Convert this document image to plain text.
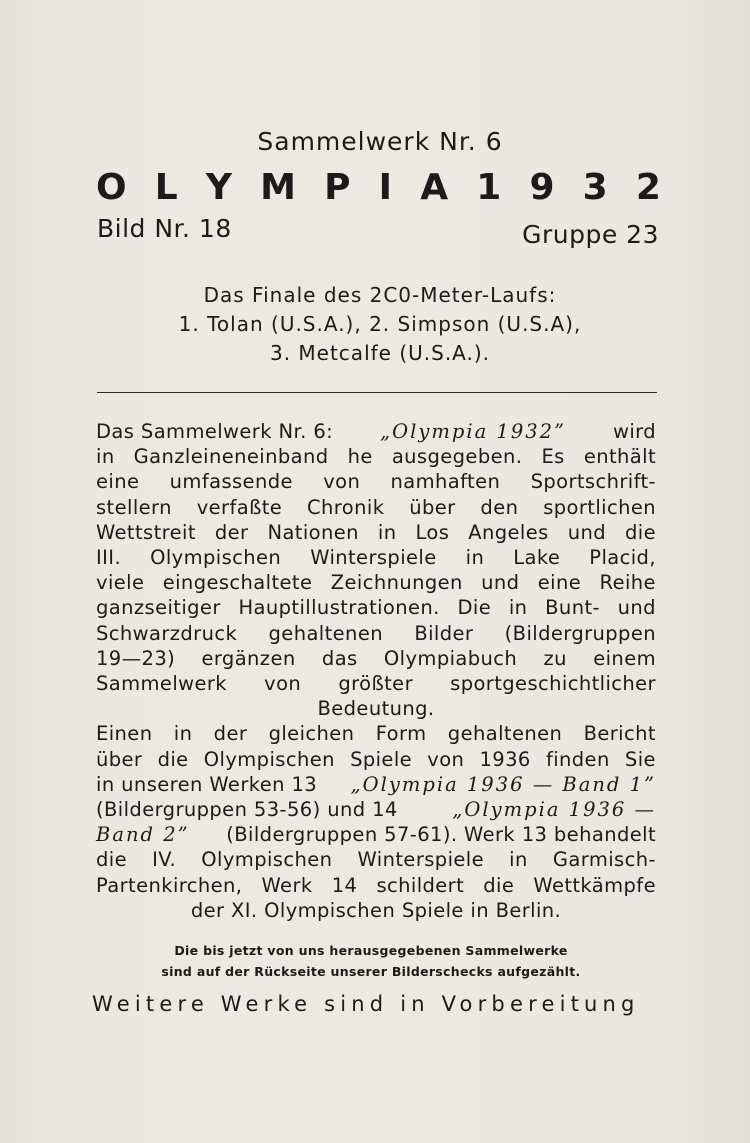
Sammelwerk Nr. 6
O L Y M P I A 1 9 3 2
Bild Nr. 18	Gruppe 23
Das Finale des 2C0-Meter-Laufs:
1. Tolan (U.S.A.), 2. Simpson (U.S.A),
3. Metcalfe (U.S.A.).
Das Sammelwerk Nr. 6: „Olympia 1932” wird
in Ganzleineneinband he ausgegeben. Es enthält
eine umfassende von namhaften Sportschrift-
stellern verfaßte Chronik über den sportlichen
Wettstreit der Nationen in Los Angeles und die
III. Olympischen Winterspiele in Lake Placid,
viele eingeschaltete Zeichnungen und eine Reihe
ganzseitiger Hauptillustrationen. Die in Bunt- und
Schwarzdruck gehaltenen Bilder (Bildergruppen
19—23) ergänzen das Olympiabuch zu einem
Sammelwerk von größter sportgeschichtlicher
Bedeutung.
Einen in der gleichen Form gehaltenen Bericht
über die Olympischen Spiele von 1936 finden Sie
in unseren Werken 13 „Olympia 1936 — Band 1”
(Bildergruppen 53-56) und 14	„Olympia 1936 —
Band 2” (Bildergruppen 57-61). Werk 13 behandelt
die IV. Olympischen Winterspiele in Garmisch-
Partenkirchen, Werk 14 schildert die Wettkämpfe
der XI. Olympischen Spiele in Berlin.
Die bis jetzt von uns herausgegebenen Sammelwerke
sind auf der Rückseite unserer Bilderschecks aufgezählt.
Weitere Werke sind in Vorbereitung
